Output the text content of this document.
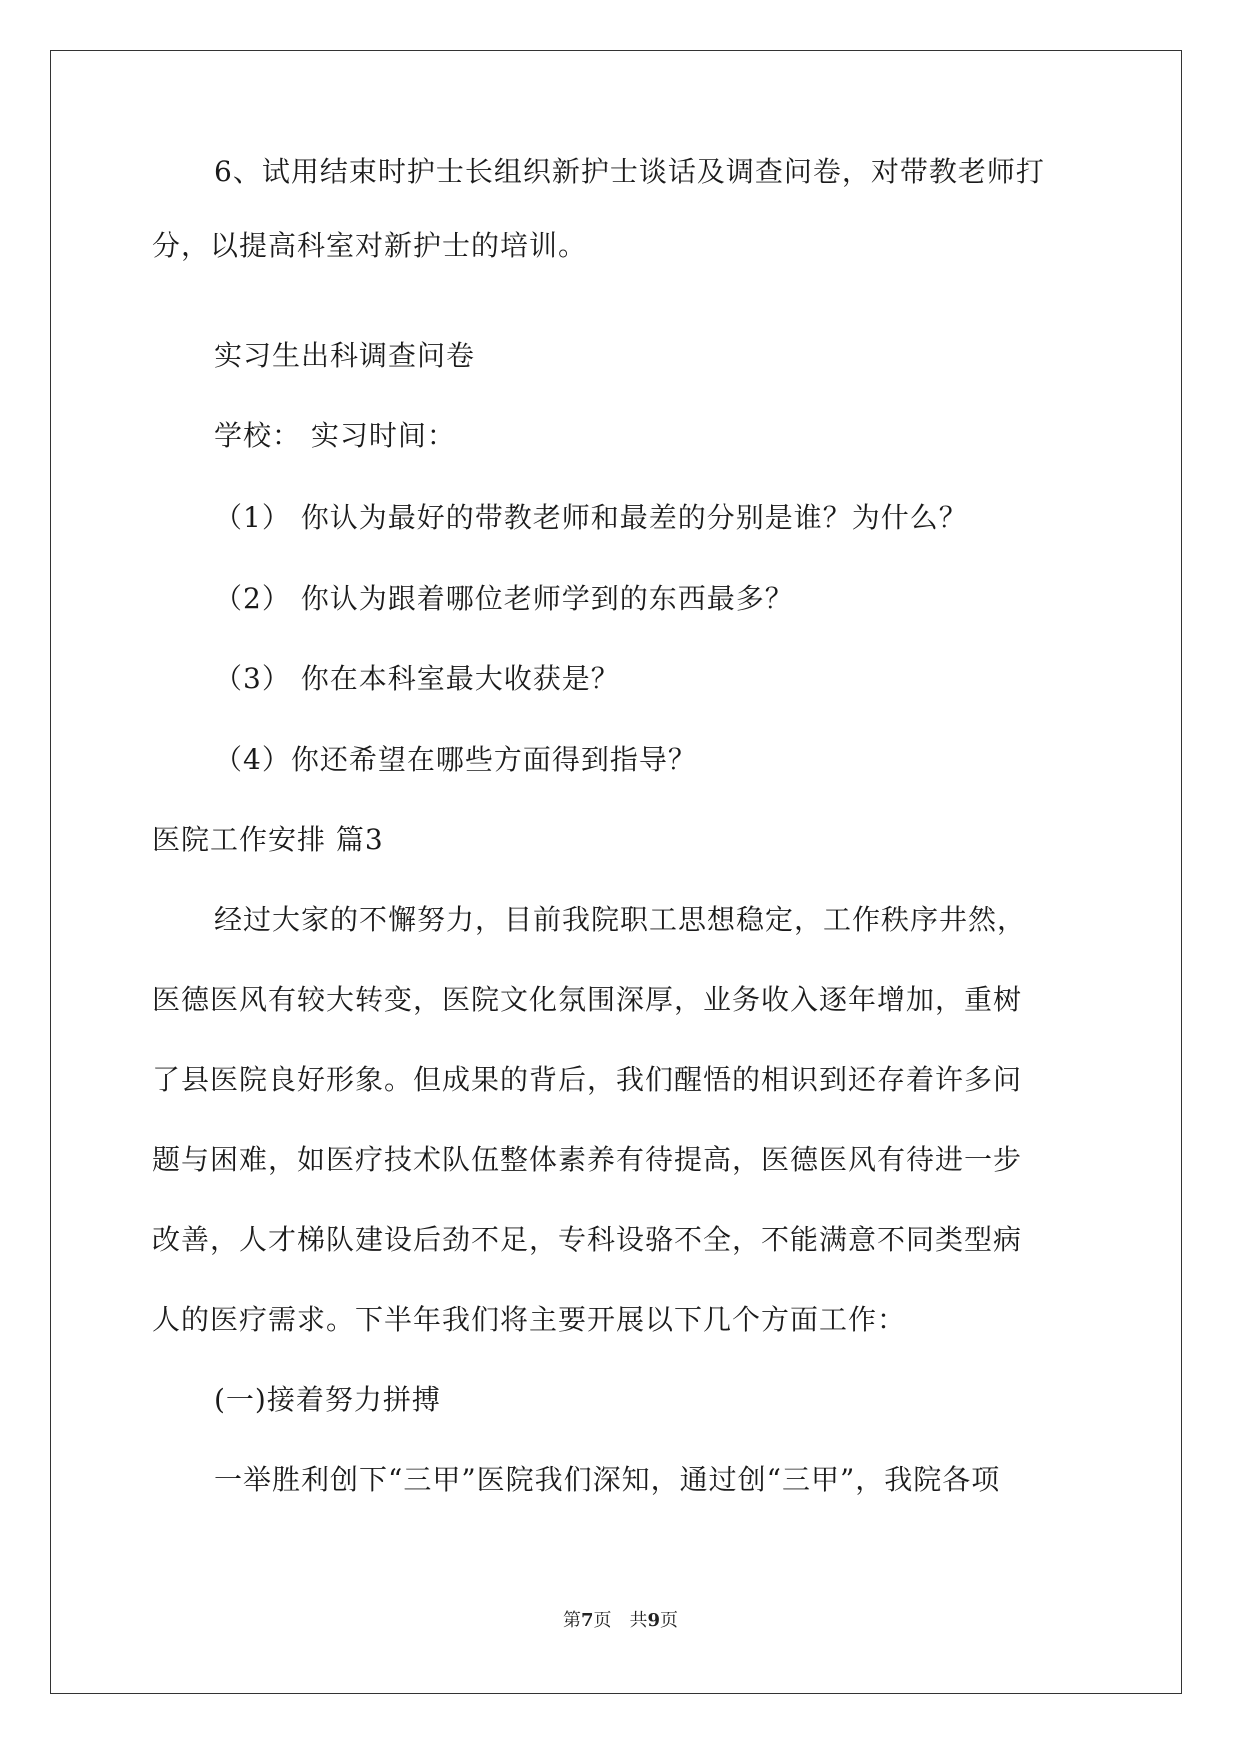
6、试用结束时护士长组织新护士谈话及调查问卷，对带教老师打
分，以提高科室对新护士的培训。
实习生出科调查问卷
学校： 实习时间：
（1） 你认为最好的带教老师和最差的分别是谁？为什么？
（2） 你认为跟着哪位老师学到的东西最多？
（3） 你在本科室最大收获是？
（4）你还希望在哪些方面得到指导？
医院工作安排 篇3
经过大家的不懈努力，目前我院职工思想稳定，工作秩序井然，
医德医风有较大转变，医院文化氛围深厚，业务收入逐年增加，重树
了县医院良好形象。但成果的背后，我们醒悟的相识到还存着许多问
题与困难，如医疗技术队伍整体素养有待提高，医德医风有待进一步
改善，人才梯队建设后劲不足，专科设骆不全，不能满意不同类型病
人的医疗需求。下半年我们将主要开展以下几个方面工作：
(一)接着努力拼搏
一举胜利创下“三甲”医院我们深知，通过创“三甲”，我院各项
第7页 共9页
